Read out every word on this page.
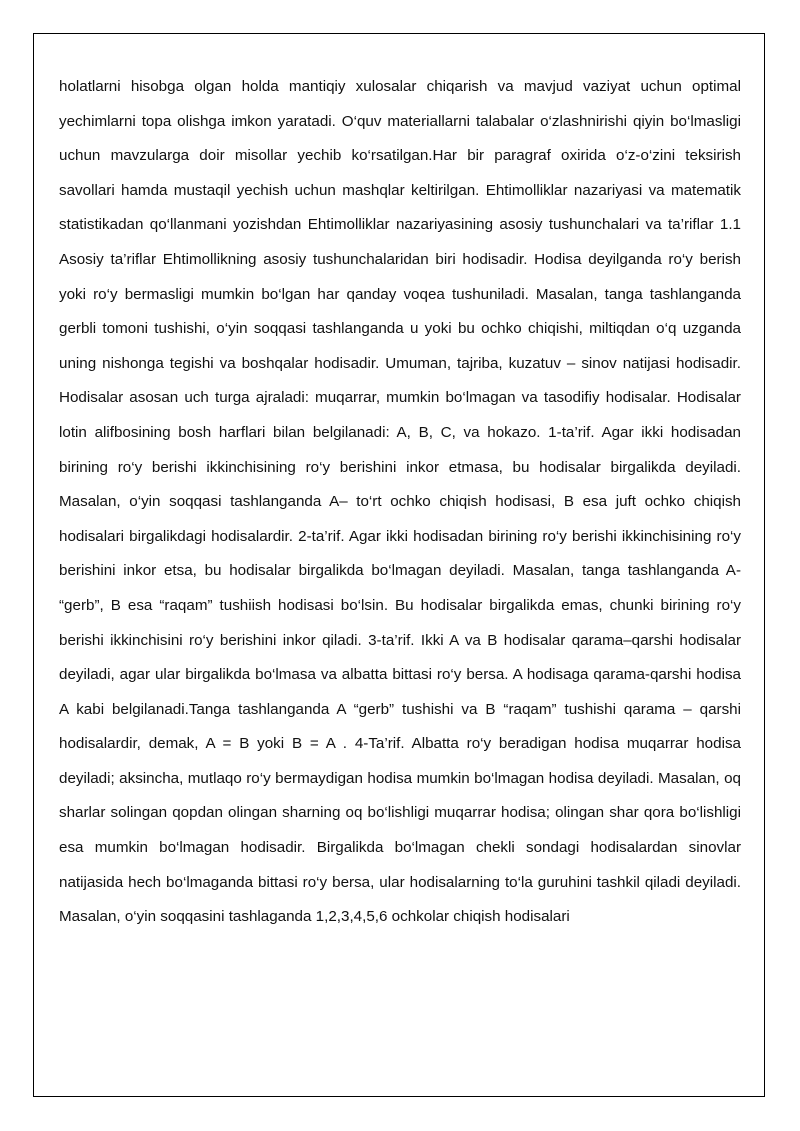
holatlarni hisobga olgan holda mantiqiy xulosalar chiqarish va mavjud vaziyat uchun optimal yechimlarni topa olishga imkon yaratadi. O‘quv materiallarni talabalar o‘zlashnirishi qiyin bo‘lmasligi uchun mavzularga doir misollar yechib ko‘rsatilgan.Har bir paragraf oxirida o‘z-o‘zini teksirish savollari hamda mustaqil yechish uchun mashqlar keltirilgan. Ehtimolliklar nazariyasi va matematik statistikadan qo‘llanmani yozishdan Ehtimolliklar nazariyasining asosiy tushunchalari va ta’riflar 1.1 Asosiy ta’riflar Ehtimollikning asosiy tushunchalaridan biri hodisadir. Hodisa deyilganda ro‘y berish yoki ro‘y bermasligi mumkin bo‘lgan har qanday voqea tushuniladi. Masalan, tanga tashlanganda gerbli tomoni tushishi, o‘yin soqqasi tashlanganda u yoki bu ochko chiqishi, miltiqdan o‘q uzganda uning nishonga tegishi va boshqalar hodisadir. Umuman, tajriba, kuzatuv – sinov natijasi hodisadir. Hodisalar asosan uch turga ajraladi: muqarrar, mumkin bo‘lmagan va tasodifiy hodisalar. Hodisalar lotin alifbosining bosh harflari bilan belgilanadi: A, B, C, va hokazo. 1-ta’rif. Agar ikki hodisadan birining ro‘y berishi ikkinchisining ro‘y berishini inkor etmasa, bu hodisalar birgalikda deyiladi. Masalan, o‘yin soqqasi tashlanganda A– to‘rt ochko chiqish hodisasi, B esa juft ochko chiqish hodisalari birgalikdagi hodisalardir. 2-ta’rif. Agar ikki hodisadan birining ro‘y berishi ikkinchisining ro‘y berishini inkor etsa, bu hodisalar birgalikda bo‘lmagan deyiladi. Masalan, tanga tashlanganda A- “gerb”, B esa “raqam” tushiish hodisasi bo‘lsin. Bu hodisalar birgalikda emas, chunki birining ro‘y berishi ikkinchisini ro‘y berishini inkor qiladi. 3-ta’rif. Ikki A va B hodisalar qarama–qarshi hodisalar deyiladi, agar ular birgalikda bo‘lmasa va albatta bittasi ro‘y bersa. A hodisaga qarama-qarshi hodisa A kabi belgilanadi.Tanga tashlanganda A “gerb” tushishi va B “raqam” tushishi qarama – qarshi hodisalardir, demak, A = B yoki B = A . 4-Ta’rif. Albatta ro‘y beradigan hodisa muqarrar hodisa deyiladi; aksincha, mutlaqo ro‘y bermaydigan hodisa mumkin bo‘lmagan hodisa deyiladi. Masalan, oq sharlar solingan qopdan olingan sharning oq bo‘lishligi muqarrar hodisa; olingan shar qora bo‘lishligi esa mumkin bo‘lmagan hodisadir. Birgalikda bo‘lmagan chekli sondagi hodisalardan sinovlar natijasida hech bo‘lmaganda bittasi ro‘y bersa, ular hodisalarning to‘la guruhini tashkil qiladi deyiladi. Masalan, o‘yin soqqasini tashlaganda 1,2,3,4,5,6 ochkolar chiqish hodisalari
